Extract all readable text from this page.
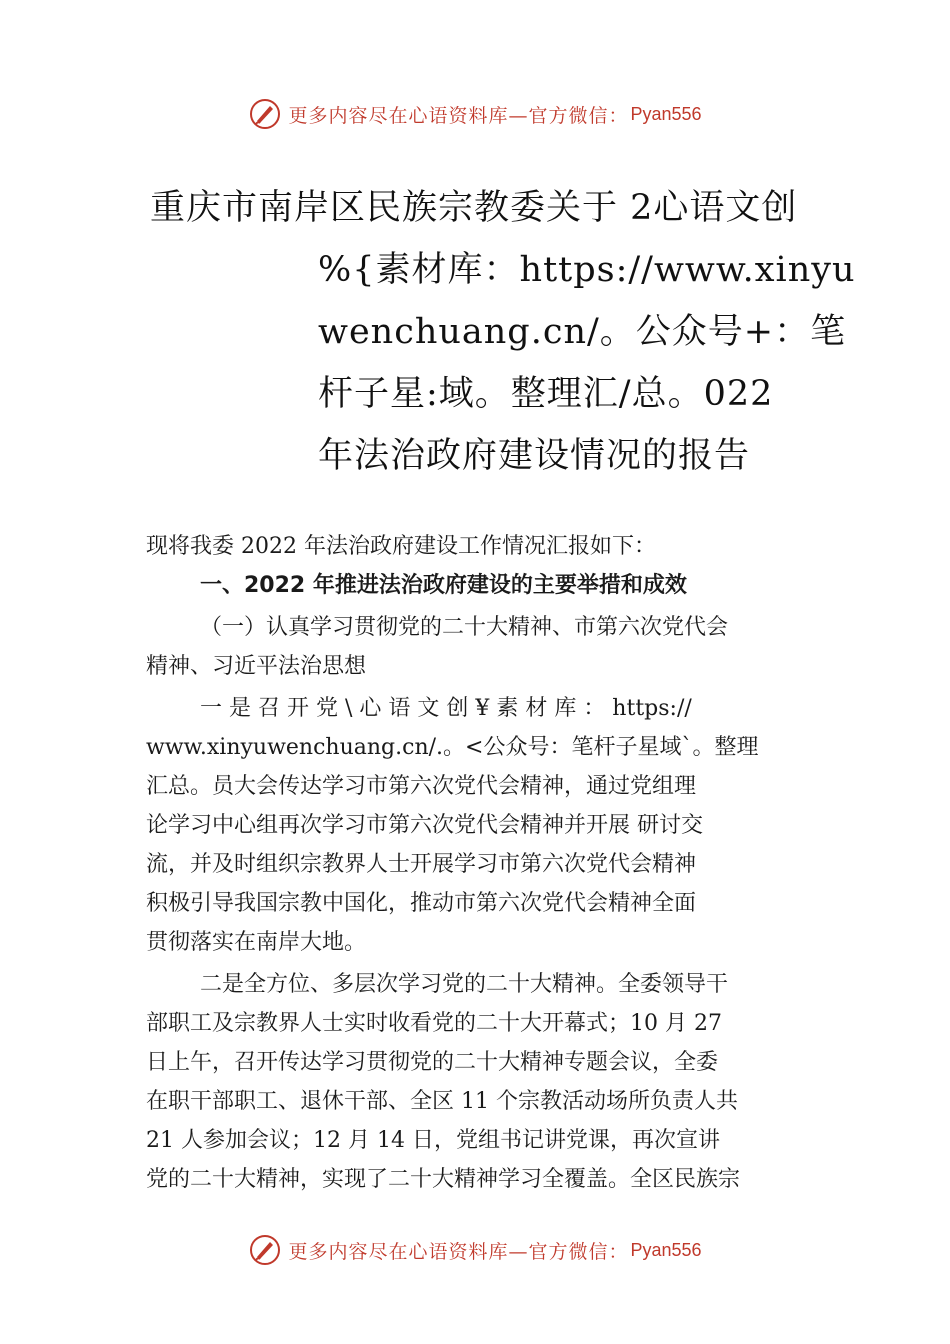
更多内容尽在心语资料库—官方微信： Pyan556
重庆市南岸区民族宗教委关于 2心语文创
%{素材库：https://www.xinyu
wenchuang.cn/。公众号+：笔
杆子星:域。整理汇/总。022
年法治政府建设情况的报告
现将我委 2022 年法治政府建设工作情况汇报如下：
一、2022 年推进法治政府建设的主要举措和成效
（一）认真学习贯彻党的二十大精神、市第六次党代会
精神、习近平法治思想
一 是 召 开 党 \ 心 语 文 创 ¥ 素 材 库 ： https://
www.xinyuwenchuang.cn/.。<公众号：笔杆子星域`。整理
汇总。员大会传达学习市第六次党代会精神，通过党组理
论学习中心组再次学习市第六次党代会精神并开展 研讨交
流，并及时组织宗教界人士开展学习市第六次党代会精神
积极引导我国宗教中国化，推动市第六次党代会精神全面
贯彻落实在南岸大地。
二是全方位、多层次学习党的二十大精神。全委领导干
部职工及宗教界人士实时收看党的二十大开幕式；10 月 27
日上午，召开传达学习贯彻党的二十大精神专题会议，全委
在职干部职工、退休干部、全区 11 个宗教活动场所负责人共
21 人参加会议；12 月 14 日，党组书记讲党课，再次宣讲
党的二十大精神，实现了二十大精神学习全覆盖。全区民族宗
更多内容尽在心语资料库—官方微信： Pyan556
